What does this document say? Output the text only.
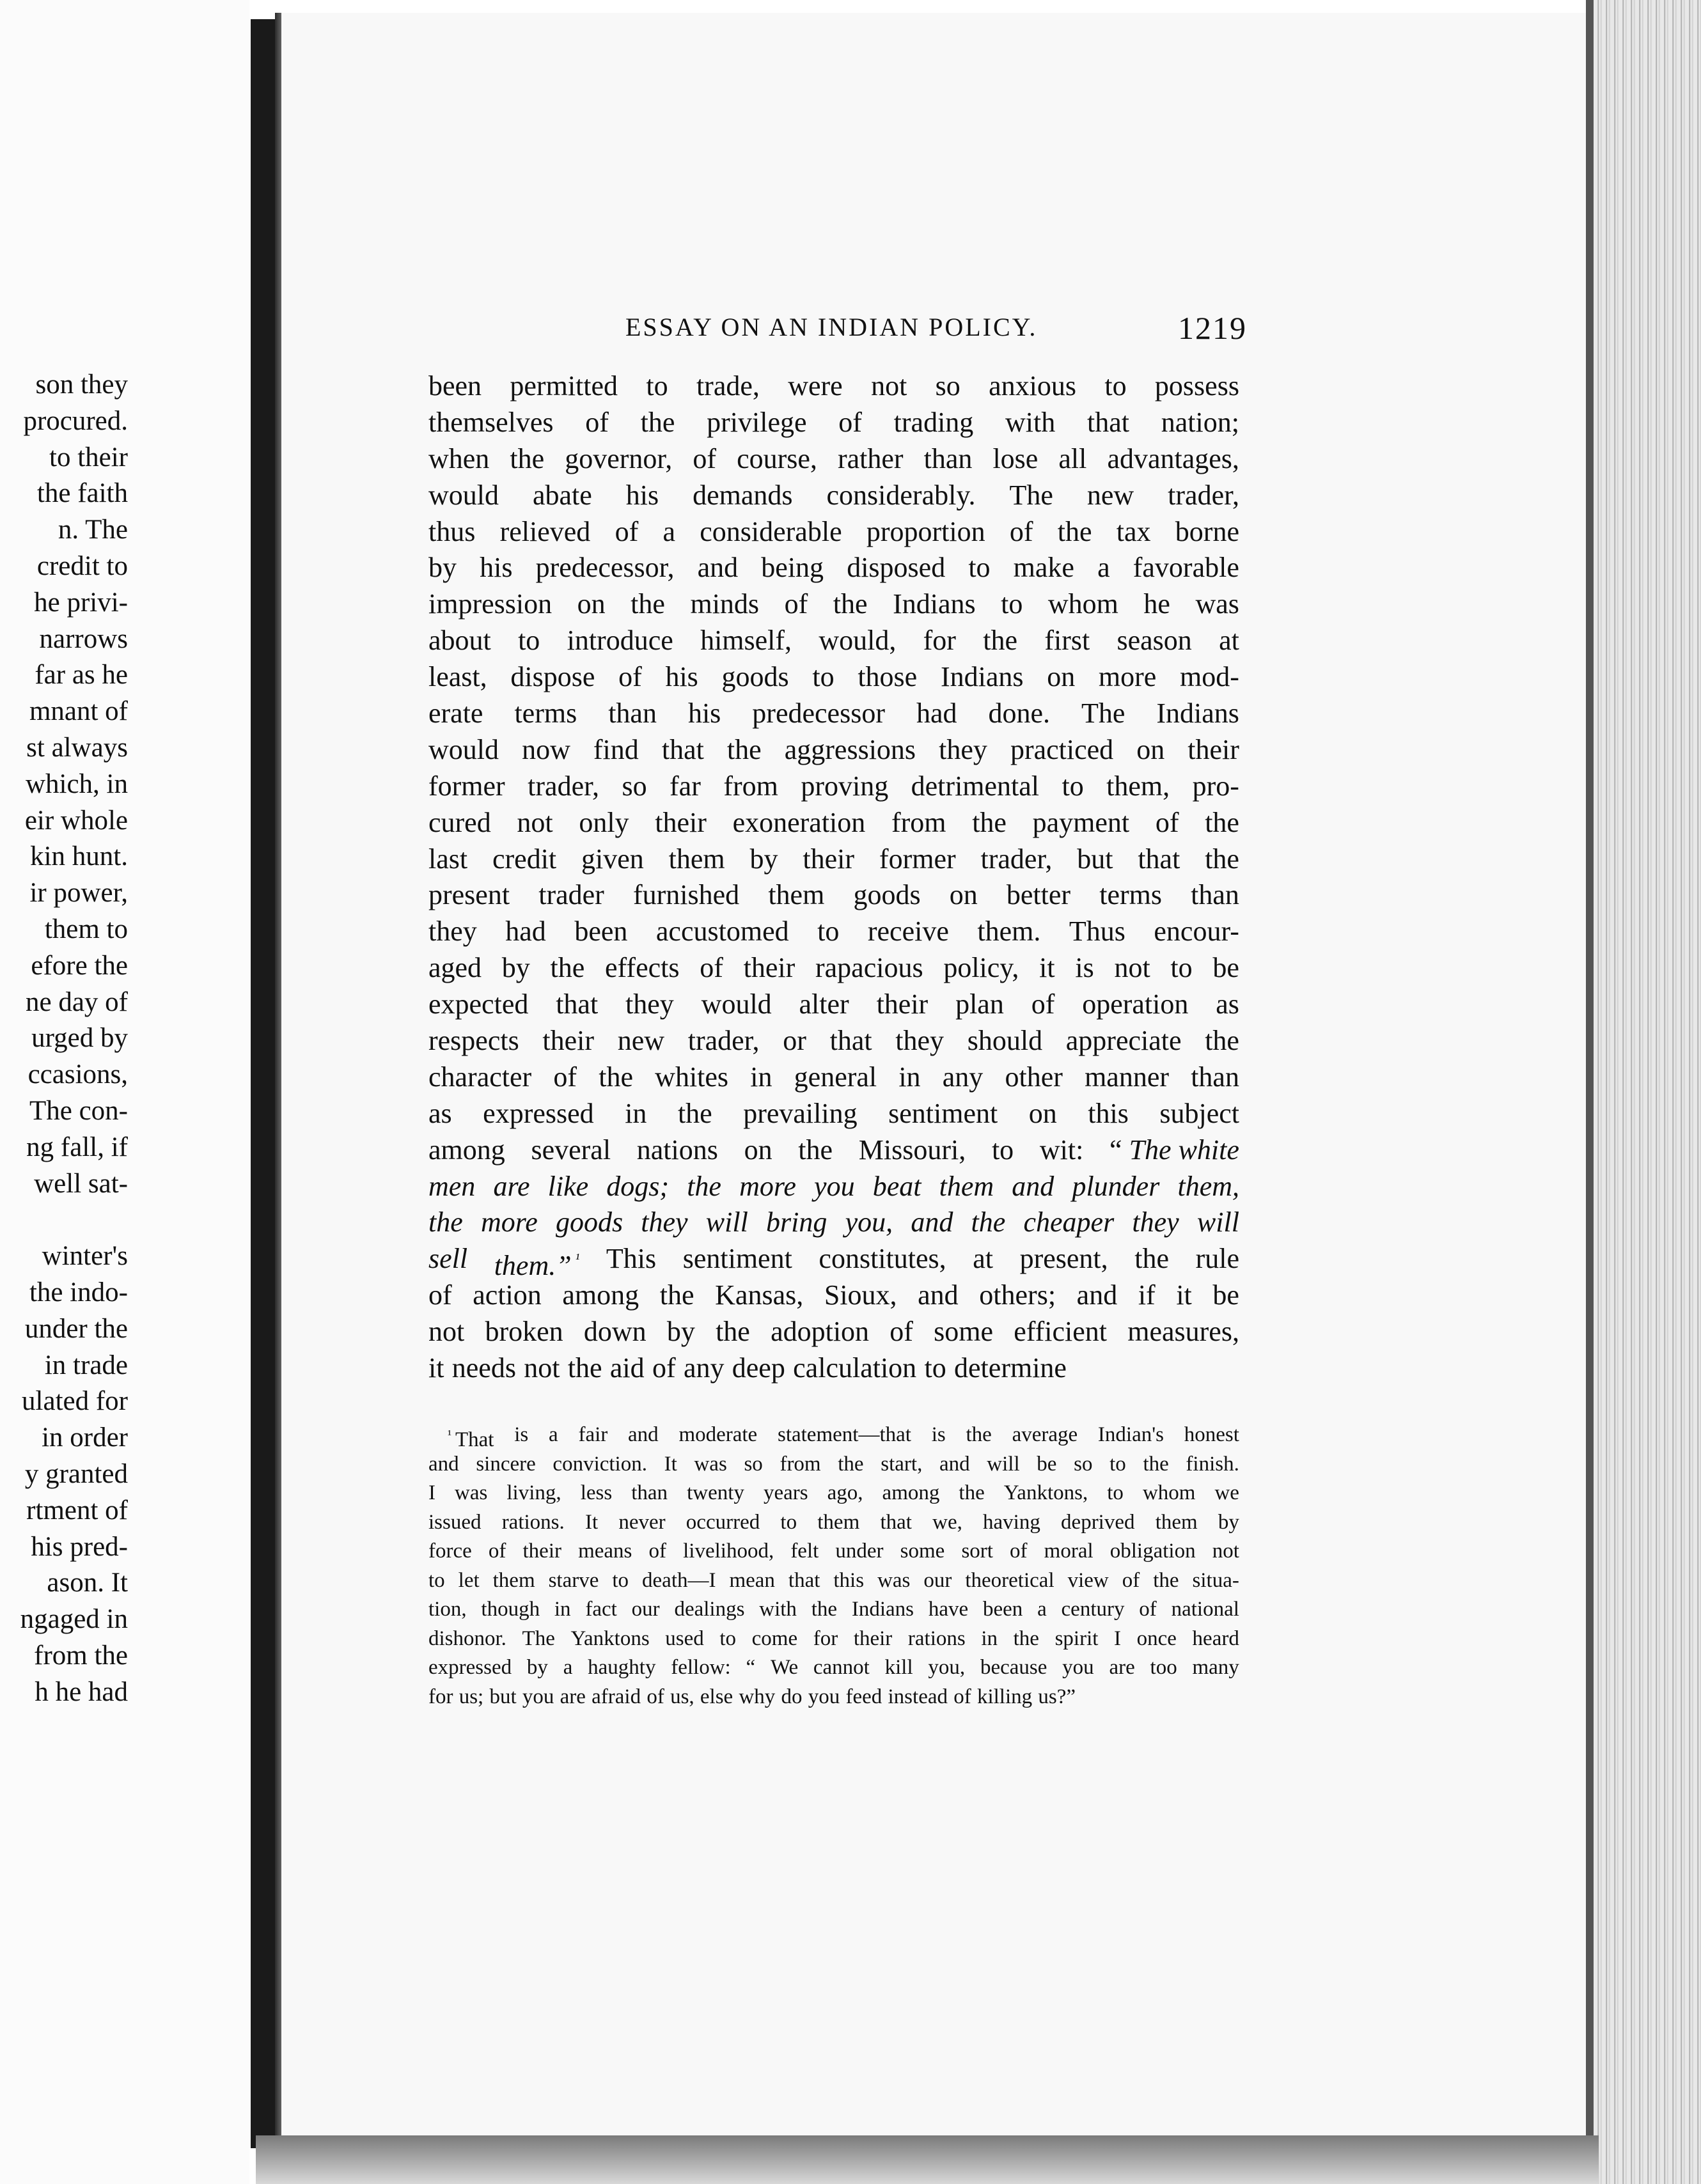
son they
procured.
to their
the faith
n. The
credit to
he privi-
narrows
far as he
mnant of
st always
which, in
eir whole
kin hunt.
ir power,
them to
efore the
ne day of
urged by
ccasions,
The con-
ng fall, if
well sat-

winter's
the indo-
under the
in trade
ulated for
in order
y granted
rtment of
his pred-
ason. It
ngaged in
from the
h he had
ESSAY ON AN INDIAN POLICY.	1219
been permitted to trade, were not so anxious to possess
themselves of the privilege of trading with that nation;
when the governor, of course, rather than lose all advantages,
would abate his demands considerably. The new trader,
thus relieved of a considerable proportion of the tax borne
by his predecessor, and being disposed to make a favorable
impression on the minds of the Indians to whom he was
about to introduce himself, would, for the first season at
least, dispose of his goods to those Indians on more mod-
erate terms than his predecessor had done. The Indians
would now find that the aggressions they practiced on their
former trader, so far from proving detrimental to them, pro-
cured not only their exoneration from the payment of the
last credit given them by their former trader, but that the
present trader furnished them goods on better terms than
they had been accustomed to receive them. Thus encour-
aged by the effects of their rapacious policy, it is not to be
expected that they would alter their plan of operation as
respects their new trader, or that they should appreciate the
character of the whites in general in any other manner than
as expressed in the prevailing sentiment on this subject
among several nations on the Missouri, to wit: “ The white
men are like dogs; the more you beat them and plunder them,
the more goods they will bring you, and the cheaper they will
sell them.” $^{^1}$ This sentiment constitutes, at present, the rule
of action among the Kansas, Sioux, and others; and if it be
not broken down by the adoption of some efficient measures,
it needs not the aid of any deep calculation to determine
$^{^1}$ That is a fair and moderate statement—that is the average Indian's honest
and sincere conviction. It was so from the start, and will be so to the finish.
I was living, less than twenty years ago, among the Yanktons, to whom we
issued rations. It never occurred to them that we, having deprived them by
force of their means of livelihood, felt under some sort of moral obligation not
to let them starve to death—I mean that this was our theoretical view of the situa-
tion, though in fact our dealings with the Indians have been a century of national
dishonor. The Yanktons used to come for their rations in the spirit I once heard
expressed by a haughty fellow: “ We cannot kill you, because you are too many
for us; but you are afraid of us, else why do you feed instead of killing us?”
